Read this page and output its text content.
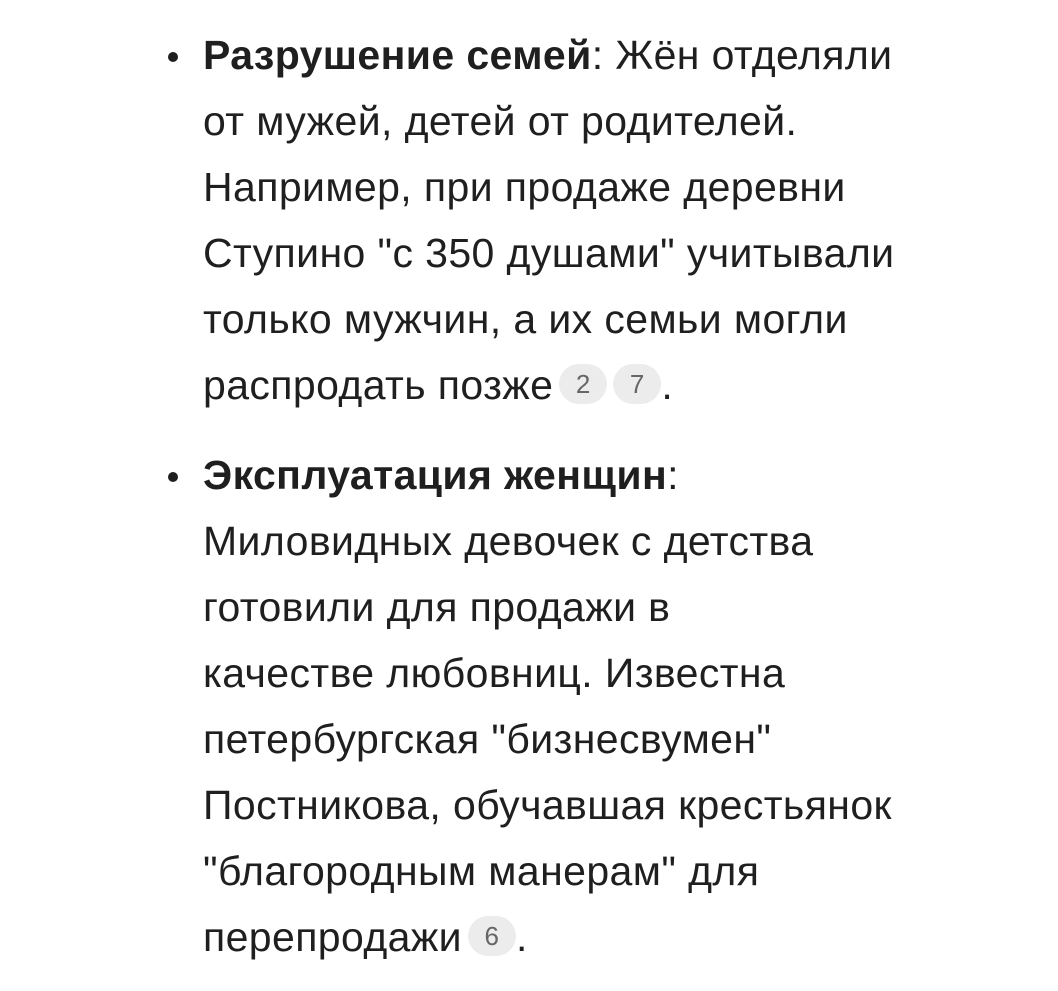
Разрушение семей: Жён отделяли
от мужей, детей от родителей.
Например, при продаже деревни
Ступино "с 350 душами" учитывали
только мужчин, а их семьи могли
распродать позже 2 7 .
Эксплуатация женщин:
Миловидных девочек с детства
готовили для продажи в
качестве любовниц. Известна
петербургская "бизнесвумен"
Постникова, обучавшая крестьянок
"благородным манерам" для
перепродажи 6 .
